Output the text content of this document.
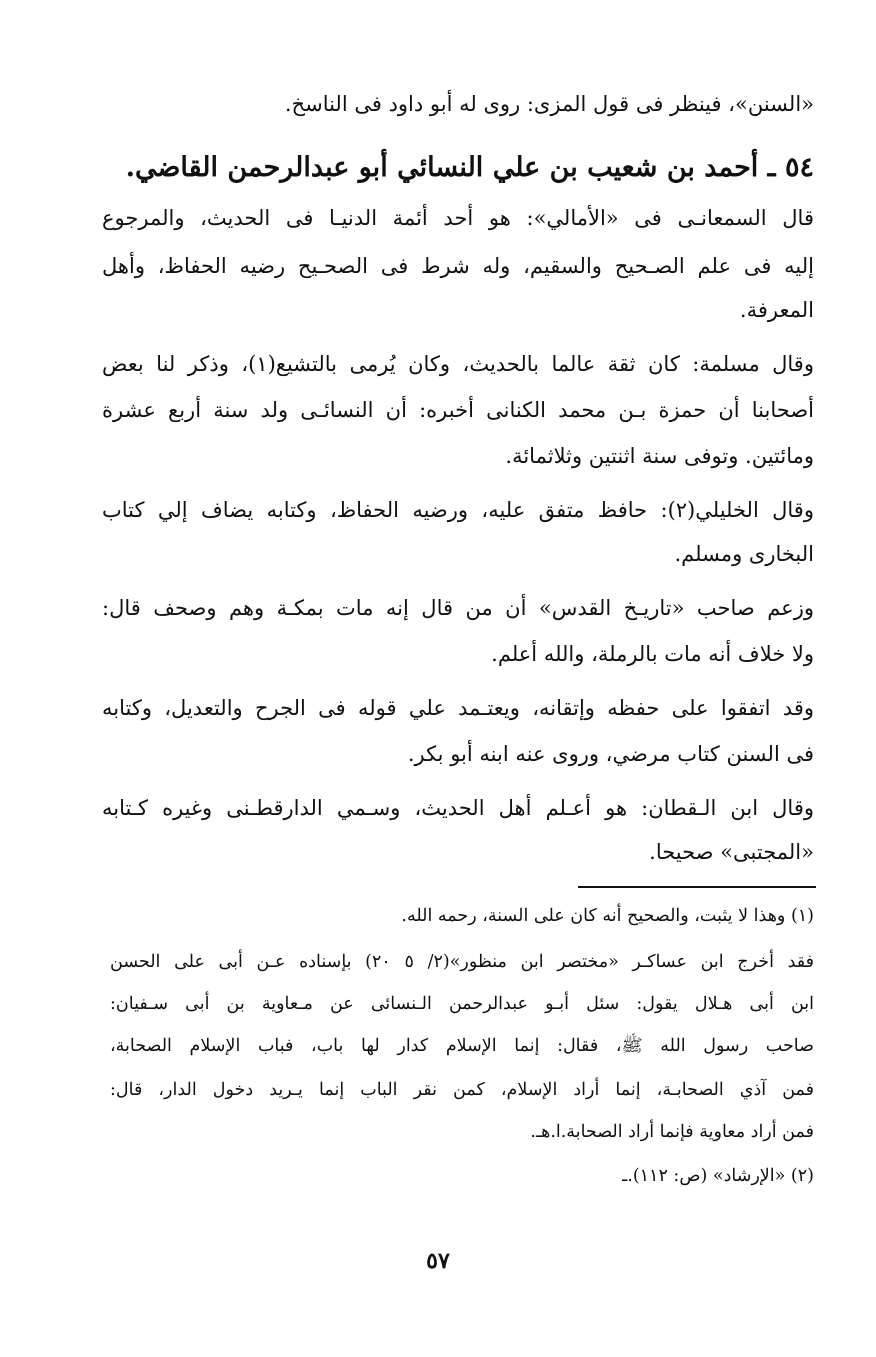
«السنن»، فينظر فى قول المزى: روى له أبو داود فى الناسخ.

٥٤ ـ أحمد بن شعيب بن علي النسائي أبو عبدالرحمن القاضي.

قال السمعانـى فى «الأمالي»: هو أحد أئمة الدنيـا فى الحديث، والمرجوع

إليه فى علم الصـحيح والسقيم، وله شرط فى الصحـيح رضيه الحفاظ، وأهل

المعرفة.

وقال مسلمة: كان ثقة عالما بالحديث، وكان يُرمى بالتشيع(١)، وذكر لنا بعض

أصحابنا أن حمزة بـن محمد الكنانى أخبره: أن النسائـى ولد سنة أربع عشرة

ومائتين. وتوفى سنة اثنتين وثلاثمائة.

وقال الخليلي(٢): حافظ متفق عليه، ورضيه الحفاظ، وكتابه يضاف إلي كتاب

البخارى ومسلم.

وزعم صاحب «تاريـخ القدس» أن من قال إنه مات بمكـة وهم وصحف قال:

ولا خلاف أنه مات بالرملة، والله أعلم.

وقد اتفقوا على حفظه وإتقانه، ويعتـمد علي قوله فى الجرح والتعديل، وكتابه

فى السنن كتاب مرضي، وروى عنه ابنه أبو بكر.

وقال ابن الـقطان: هو أعـلم أهل الحديث، وسـمي الدارقطـنى وغيره كـتابه

«المجتبى» صحيحا.

(١) وهذا لا يثبت، والصحيح أنه كان على السنة، رحمه الله.

فقد أخرج ابن عساكـر «مختصر ابن منظور»(٢/ ٥ ٢٠) بإسناده عـن أبى على الحسن

ابن أبى هـلال يقول: سئل أبـو عبدالرحمن الـنسائى عن مـعاوية بن أبى سـفيان:

صاحب رسول الله ﷺ، فقال: إنما الإسلام كدار لها باب، فباب الإسلام الصحابة،

فمن آذي الصحابـة، إنما أراد الإسلام، كمن نقر الباب إنما يـريد دخول الدار، قال:

فمن أراد معاوية فإنما أراد الصحابة.ا.هـ.

(٢) «الإرشاد» (ص: ١١٢).ـ

٥٧
